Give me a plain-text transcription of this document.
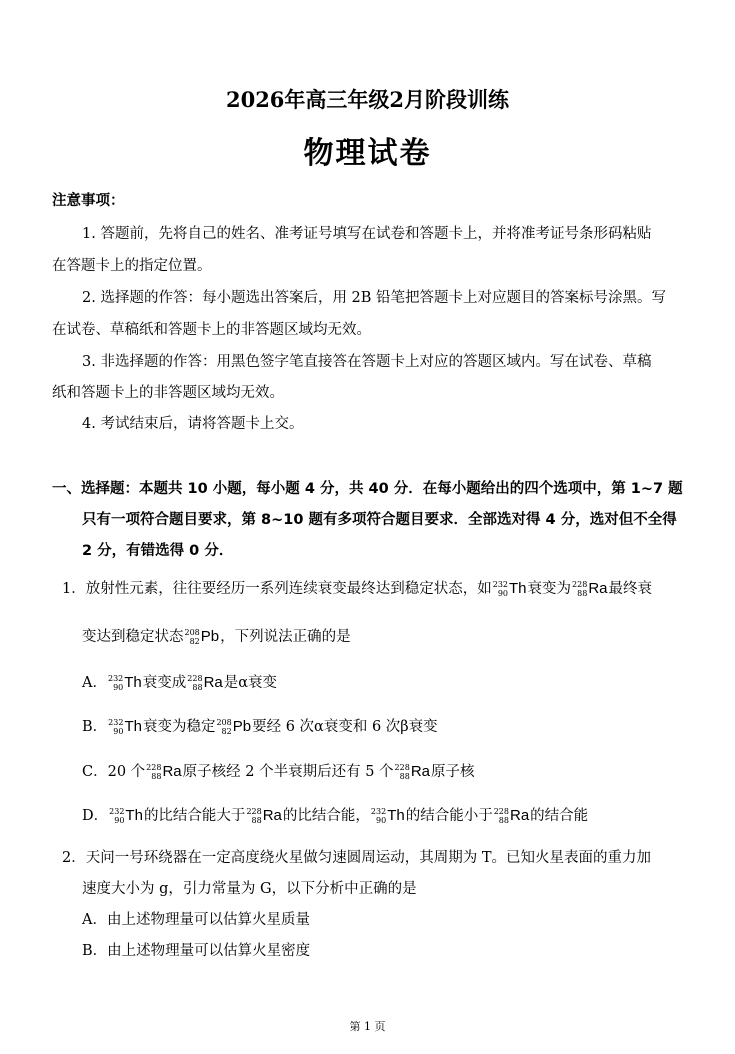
2026年高三年级2月阶段训练
物理试卷
注意事项：
1. 答题前，先将自己的姓名、准考证号填写在试卷和答题卡上，并将准考证号条形码粘贴
在答题卡上的指定位置。
2. 选择题的作答：每小题选出答案后，用 2B 铅笔把答题卡上对应题目的答案标号涂黑。写
在试卷、草稿纸和答题卡上的非答题区域均无效。
3. 非选择题的作答：用黑色签字笔直接答在答题卡上对应的答题区域内。写在试卷、草稿
纸和答题卡上的非答题区域均无效。
4. 考试结束后，请将答题卡上交。
一、选择题：本题共 10 小题，每小题 4 分，共 40 分．在每小题给出的四个选项中，第 1~7 题
只有一项符合题目要求，第 8~10 题有多项符合题目要求．全部选对得 4 分，选对但不全得
2 分，有错选得 0 分．
1．放射性元素，往往要经历一系列连续衰变最终达到稳定状态，如 232
90 Th 衰变为 228
88 Ra 最终衰
变达到稳定状态 208
82 Pb ，下列说法正确的是
A． 232
90 Th 衰变成 228
88 Ra 是α衰变
B． 232
90 Th 衰变为稳定 208
82 Pb 要经 6 次α衰变和 6 次β衰变
C．20 个 228
88 Ra 原子核经 2 个半衰期后还有 5 个 228
88 Ra 原子核
D． 232
90 Th 的比结合能大于 228
88 Ra 的比结合能， 232
90 Th 的结合能小于 228
88 Ra 的结合能
2．天问一号环绕器在一定高度绕火星做匀速圆周运动，其周期为 T。已知火星表面的重力加
速度大小为 g，引力常量为 G，以下分析中正确的是
A．由上述物理量可以估算火星质量
B．由上述物理量可以估算火星密度
第 1 页
